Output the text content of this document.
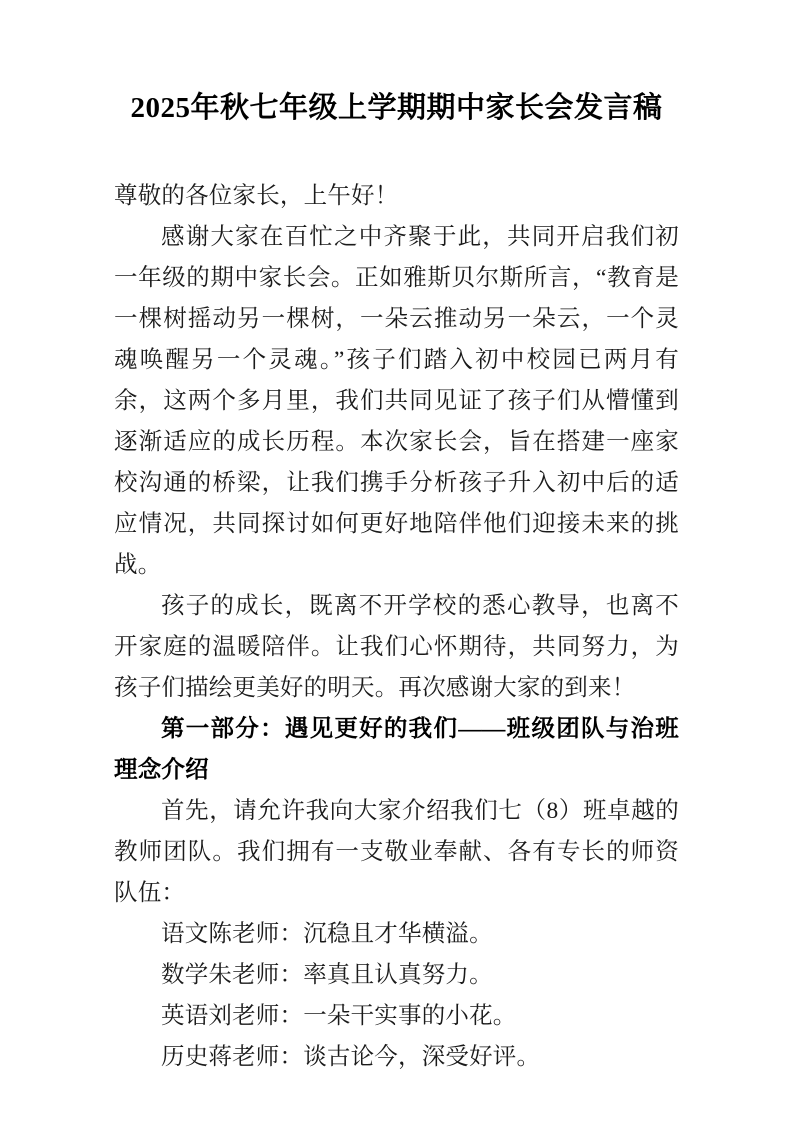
2025年秋七年级上学期期中家长会发言稿

尊敬的各位家长，上午好！

感谢大家在百忙之中齐聚于此，共同开启我们初一年级的期中家长会。正如雅斯贝尔斯所言，“教育是一棵树摇动另一棵树，一朵云推动另一朵云，一个灵魂唤醒另一个灵魂。”孩子们踏入初中校园已两月有余，这两个多月里，我们共同见证了孩子们从懵懂到逐渐适应的成长历程。本次家长会，旨在搭建一座家校沟通的桥梁，让我们携手分析孩子升入初中后的适应情况，共同探讨如何更好地陪伴他们迎接未来的挑战。

孩子的成长，既离不开学校的悉心教导，也离不开家庭的温暖陪伴。让我们心怀期待，共同努力，为孩子们描绘更美好的明天。再次感谢大家的到来！

第一部分：遇见更好的我们——班级团队与治班理念介绍

首先，请允许我向大家介绍我们七（8）班卓越的教师团队。我们拥有一支敬业奉献、各有专长的师资队伍：

语文陈老师：沉稳且才华横溢。

数学朱老师：率真且认真努力。

英语刘老师：一朵干实事的小花。

历史蒋老师：谈古论今，深受好评。
